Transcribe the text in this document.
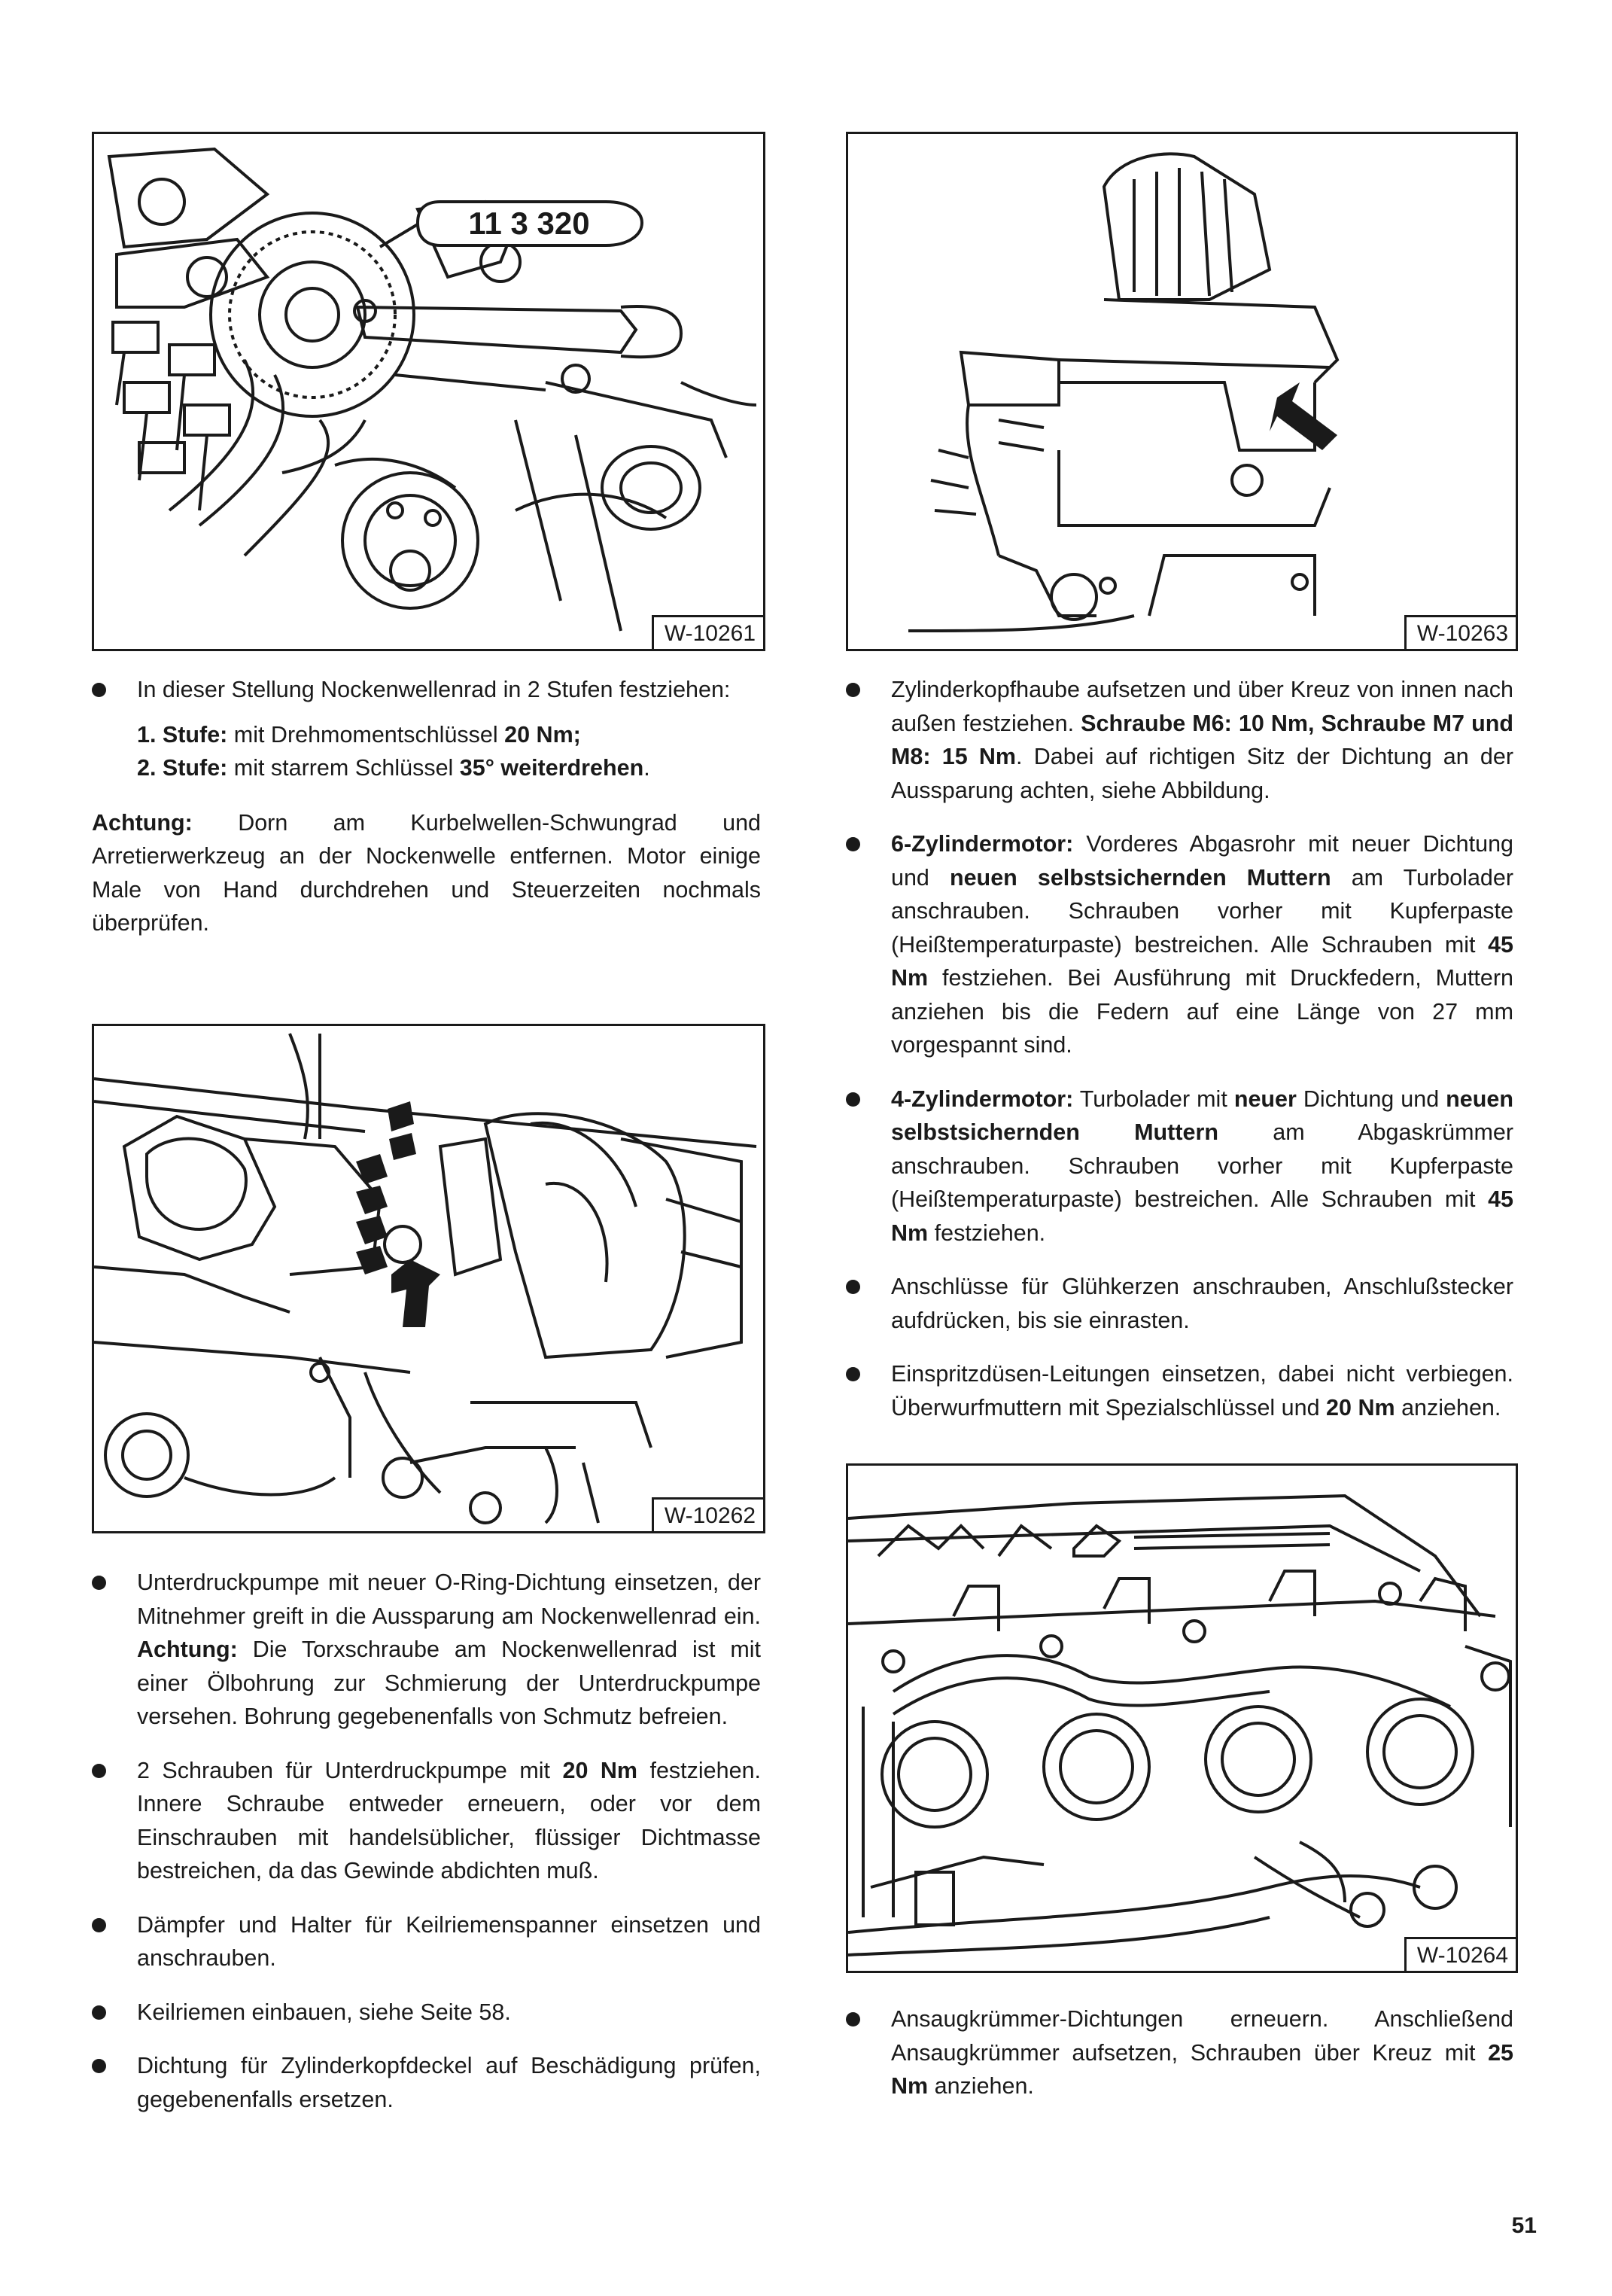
11 3 320
W-10261	W-10263
In dieser Stellung Nockenwellenrad in 2 Stufen festziehen:
1. Stufe: mit Drehmomentschlüssel 20 Nm;
2. Stufe: mit starrem Schlüssel 35° weiterdrehen.
Achtung: Dorn am Kurbelwellen-Schwungrad und Arretierwerkzeug an der Nockenwelle entfernen. Motor einige Male von Hand durchdrehen und Steuerzeiten nochmals überprüfen.
W-10262
Unterdruckpumpe mit neuer O-Ring-Dichtung einsetzen, der Mitnehmer greift in die Aussparung am Nockenwellenrad ein. Achtung: Die Torxschraube am Nockenwellenrad ist mit einer Ölbohrung zur Schmierung der Unterdruckpumpe versehen. Bohrung gegebenenfalls von Schmutz befreien.
2 Schrauben für Unterdruckpumpe mit 20 Nm festziehen. Innere Schraube entweder erneuern, oder vor dem Einschrauben mit handelsüblicher, flüssiger Dichtmasse bestreichen, da das Gewinde abdichten muß.
Dämpfer und Halter für Keilriemenspanner einsetzen und anschrauben.
Keilriemen einbauen, siehe Seite 58.
Dichtung für Zylinderkopfdeckel auf Beschädigung prüfen, gegebenenfalls ersetzen.
Zylinderkopfhaube aufsetzen und über Kreuz von innen nach außen festziehen. Schraube M6: 10 Nm, Schraube M7 und M8: 15 Nm. Dabei auf richtigen Sitz der Dichtung an der Aussparung achten, siehe Abbildung.
6-Zylindermotor: Vorderes Abgasrohr mit neuer Dichtung und neuen selbstsichernden Muttern am Turbolader anschrauben. Schrauben vorher mit Kupferpaste (Heißtemperaturpaste) bestreichen. Alle Schrauben mit 45 Nm festziehen. Bei Ausführung mit Druckfedern, Muttern anziehen bis die Federn auf eine Länge von 27 mm vorgespannt sind.
4-Zylindermotor: Turbolader mit neuer Dichtung und neuen selbstsichernden Muttern am Abgaskrümmer anschrauben. Schrauben vorher mit Kupferpaste (Heißtemperaturpaste) bestreichen. Alle Schrauben mit 45 Nm festziehen.
Anschlüsse für Glühkerzen anschrauben, Anschlußstecker aufdrücken, bis sie einrasten.
Einspritzdüsen-Leitungen einsetzen, dabei nicht verbiegen. Überwurfmuttern mit Spezialschlüssel und 20 Nm anziehen.
W-10264
Ansaugkrümmer-Dichtungen erneuern. Anschließend Ansaugkrümmer aufsetzen, Schrauben über Kreuz mit 25 Nm anziehen.
51
